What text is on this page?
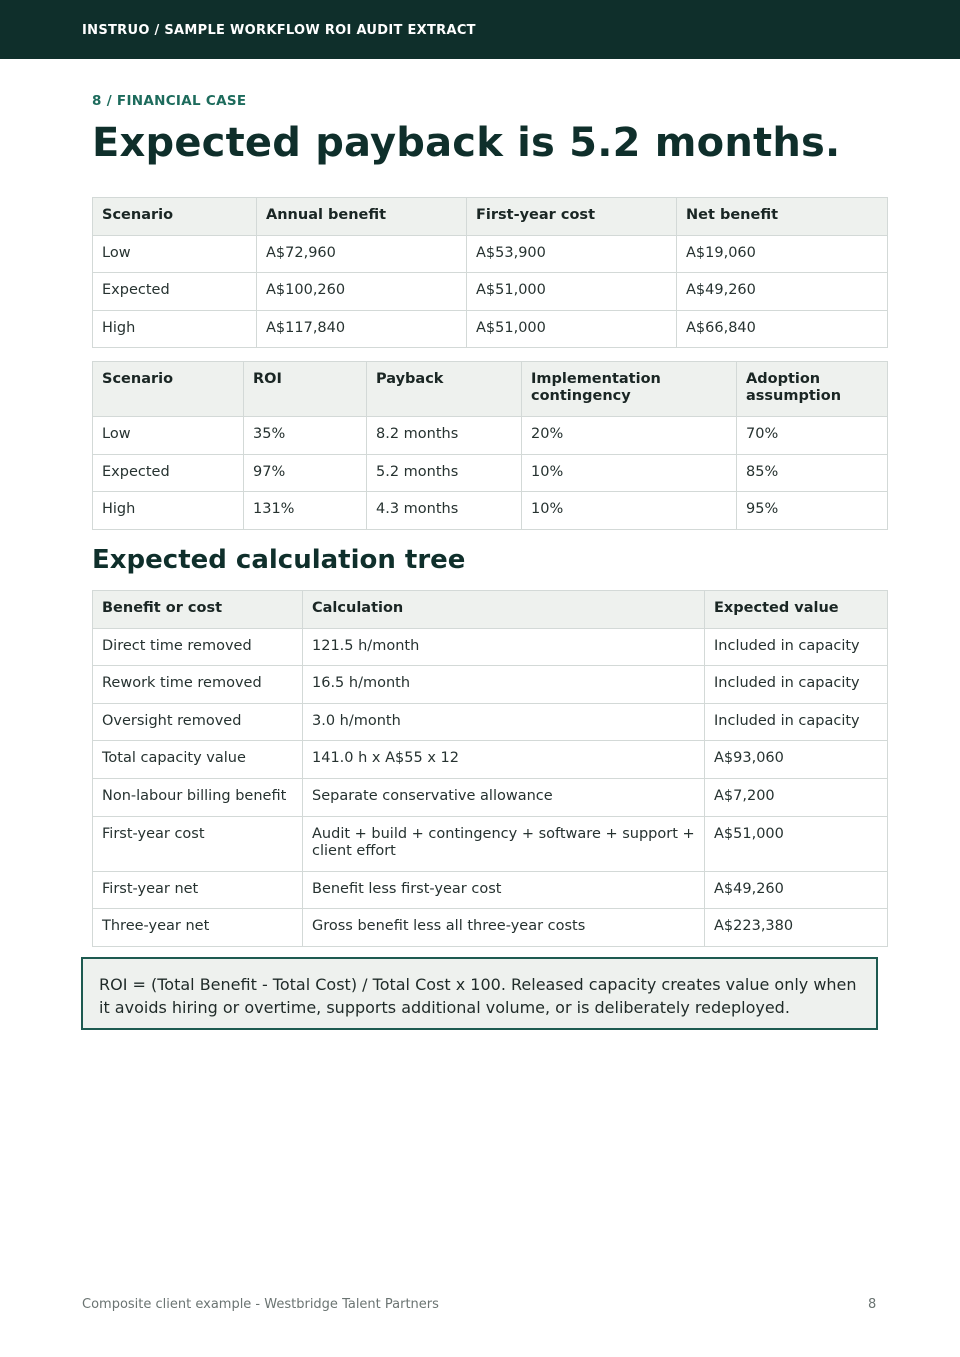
INSTRUO / SAMPLE WORKFLOW ROI AUDIT EXTRACT
8 / FINANCIAL CASE
Expected payback is 5.2 months.
Scenario	Annual benefit	First-year cost	Net benefit
Low	A$72,960	A$53,900	A$19,060
Expected	A$100,260	A$51,000	A$49,260
High	A$117,840	A$51,000	A$66,840
Scenario	ROI	Payback	Implementation contingency	Adoption assumption
Low	35%	8.2 months	20%	70%
Expected	97%	5.2 months	10%	85%
High	131%	4.3 months	10%	95%
Expected calculation tree
Benefit or cost	Calculation	Expected value
Direct time removed	121.5 h/month	Included in capacity
Rework time removed	16.5 h/month	Included in capacity
Oversight removed	3.0 h/month	Included in capacity
Total capacity value	141.0 h x A$55 x 12	A$93,060
Non-labour billing benefit	Separate conservative allowance	A$7,200
First-year cost	Audit + build + contingency + software + support + client effort	A$51,000
First-year net	Benefit less first-year cost	A$49,260
Three-year net	Gross benefit less all three-year costs	A$223,380
ROI = (Total Benefit - Total Cost) / Total Cost x 100. Released capacity creates value only when it avoids hiring or overtime, supports additional volume, or is deliberately redeployed.
Composite client example - Westbridge Talent Partners	8
